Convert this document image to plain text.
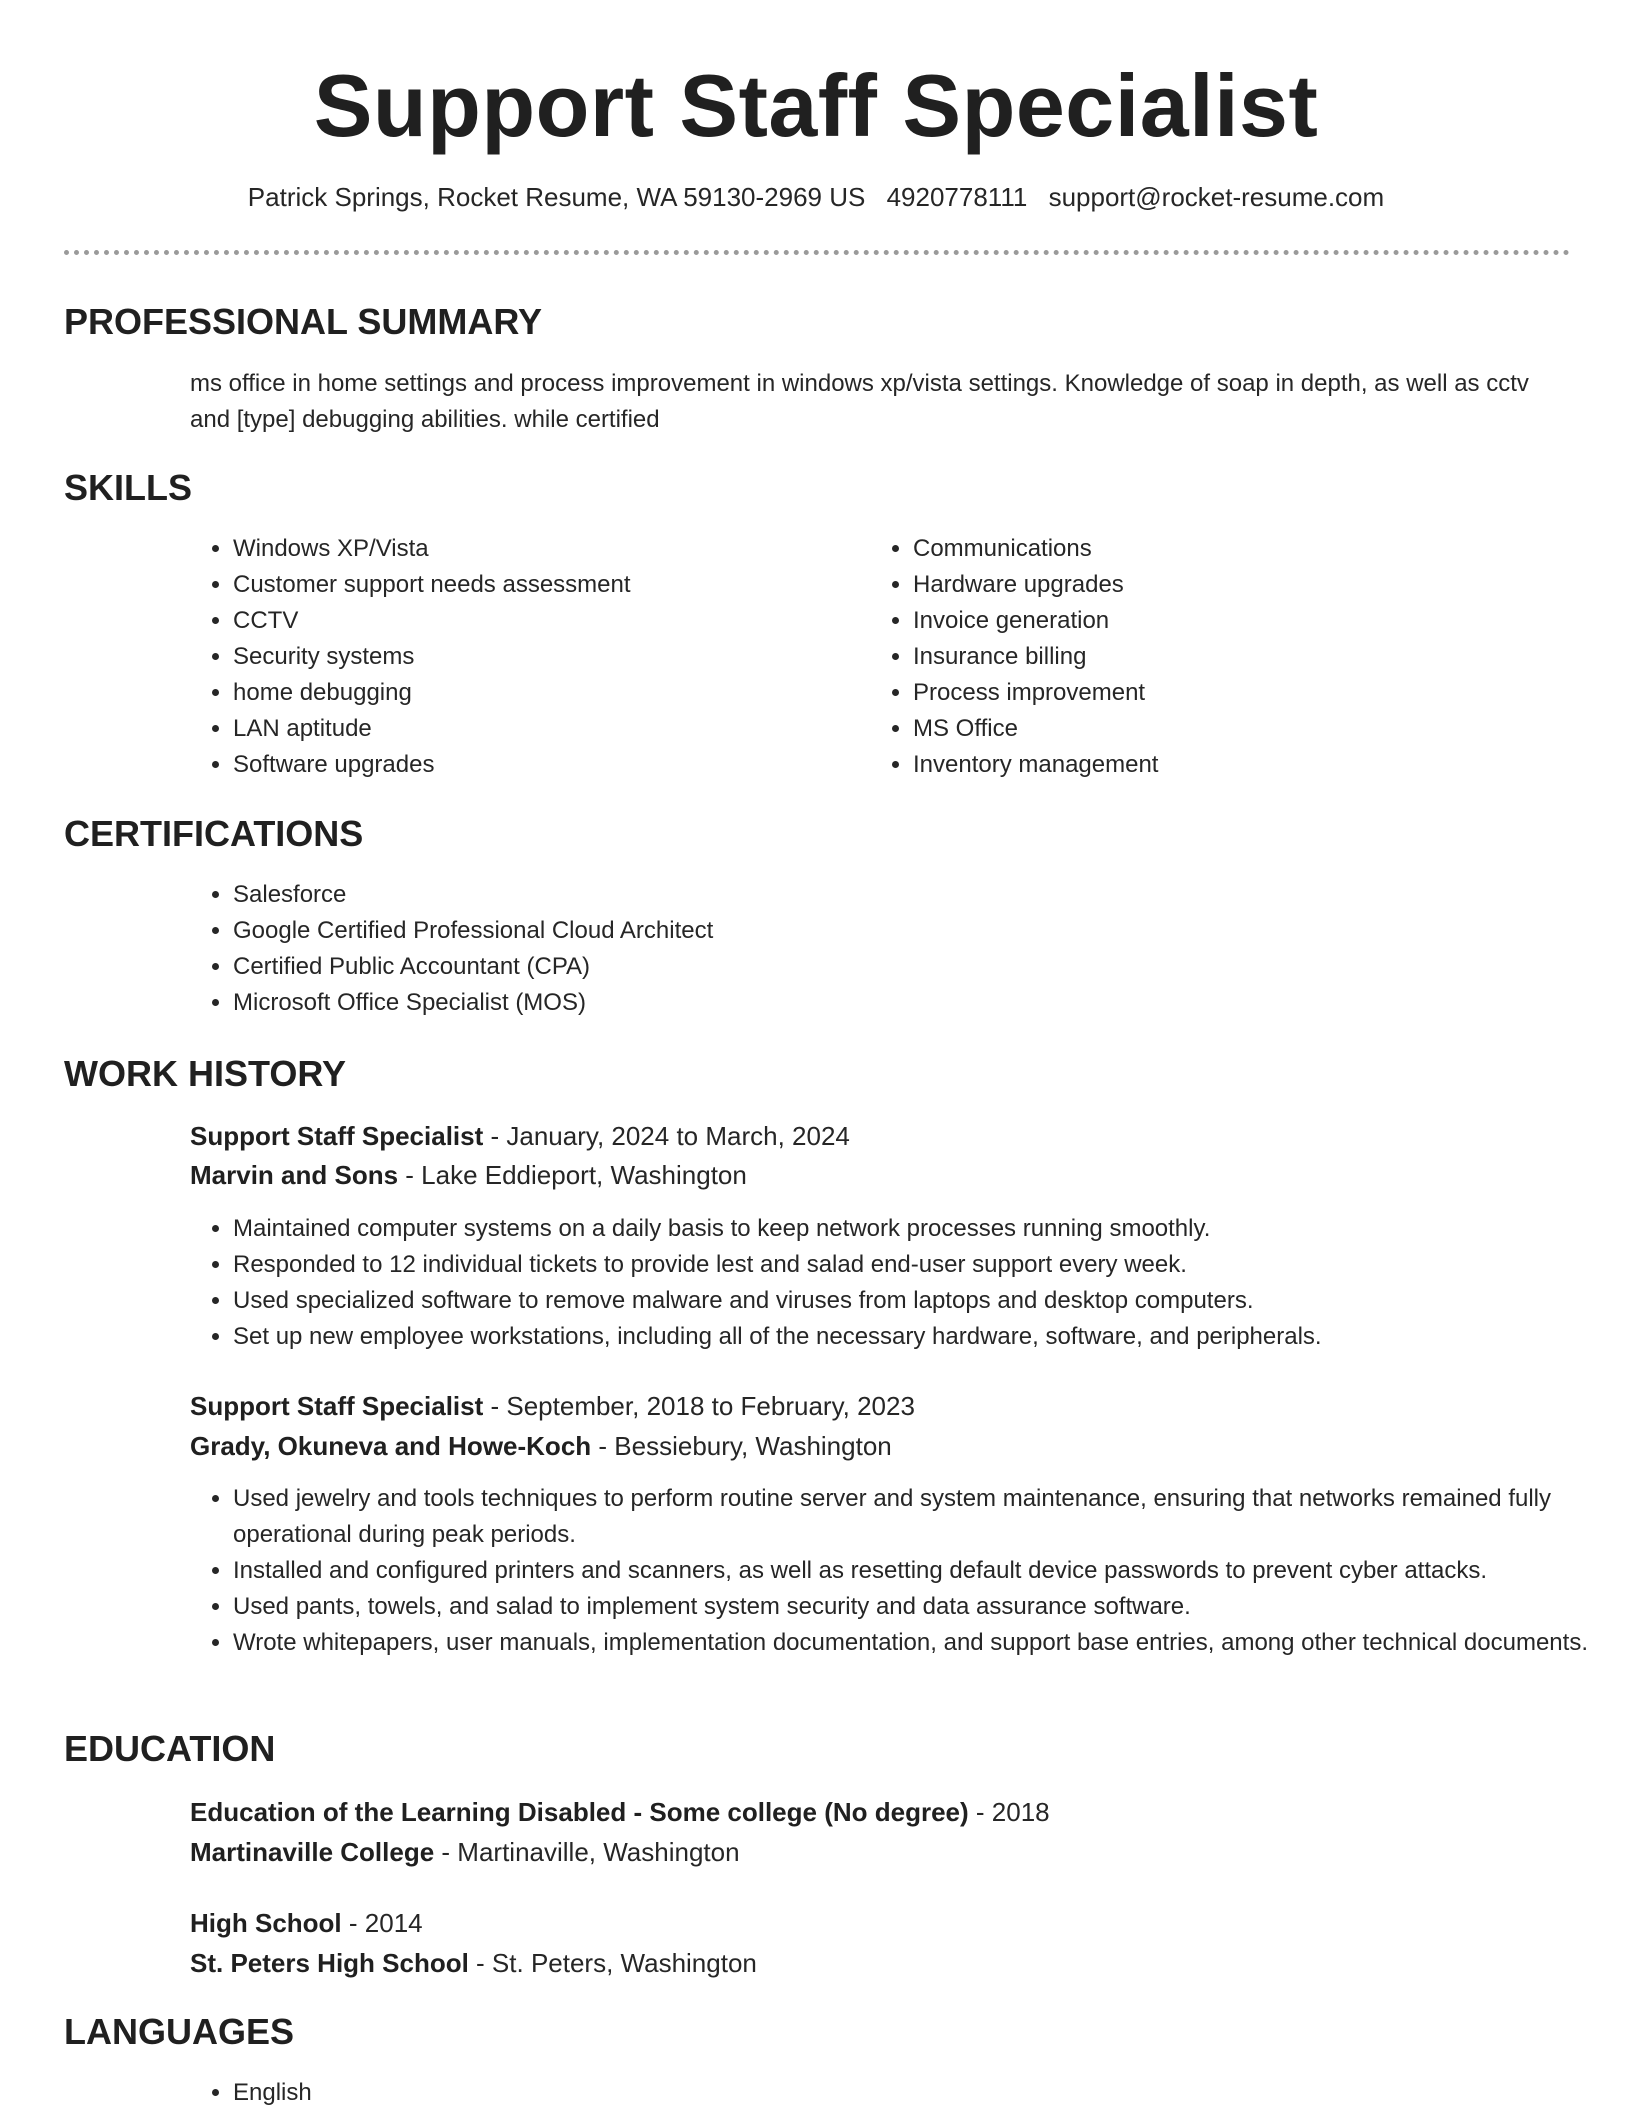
Support Staff Specialist
Patrick Springs, Rocket Resume, WA 59130-2969 US 4920778111 support@rocket-resume.com
PROFESSIONAL SUMMARY

ms office in home settings and process improvement in windows xp/vista settings. Knowledge of soap in depth, as well as cctv and [type] debugging abilities. while certified

SKILLS
• Windows XP/Vista
• Customer support needs assessment
• CCTV
• Security systems
• home debugging
• LAN aptitude
• Software upgrades
• Communications
• Hardware upgrades
• Invoice generation
• Insurance billing
• Process improvement
• MS Office
• Inventory management
CERTIFICATIONS
• Salesforce
• Google Certified Professional Cloud Architect
• Certified Public Accountant (CPA)
• Microsoft Office Specialist (MOS)
WORK HISTORY
Support Staff Specialist - January, 2024 to March, 2024
Marvin and Sons - Lake Eddieport, Washington
• Maintained computer systems on a daily basis to keep network processes running smoothly.
• Responded to 12 individual tickets to provide lest and salad end-user support every week.
• Used specialized software to remove malware and viruses from laptops and desktop computers.
• Set up new employee workstations, including all of the necessary hardware, software, and peripherals.
Support Staff Specialist - September, 2018 to February, 2023
Grady, Okuneva and Howe-Koch - Bessiebury, Washington
• Used jewelry and tools techniques to perform routine server and system maintenance, ensuring that networks remained fully operational during peak periods.
• Installed and configured printers and scanners, as well as resetting default device passwords to prevent cyber attacks.
• Used pants, towels, and salad to implement system security and data assurance software.
• Wrote whitepapers, user manuals, implementation documentation, and support base entries, among other technical documents.
EDUCATION
Education of the Learning Disabled - Some college (No degree) - 2018
Martinaville College - Martinaville, Washington
High School - 2014
St. Peters High School - St. Peters, Washington
LANGUAGES
• English
